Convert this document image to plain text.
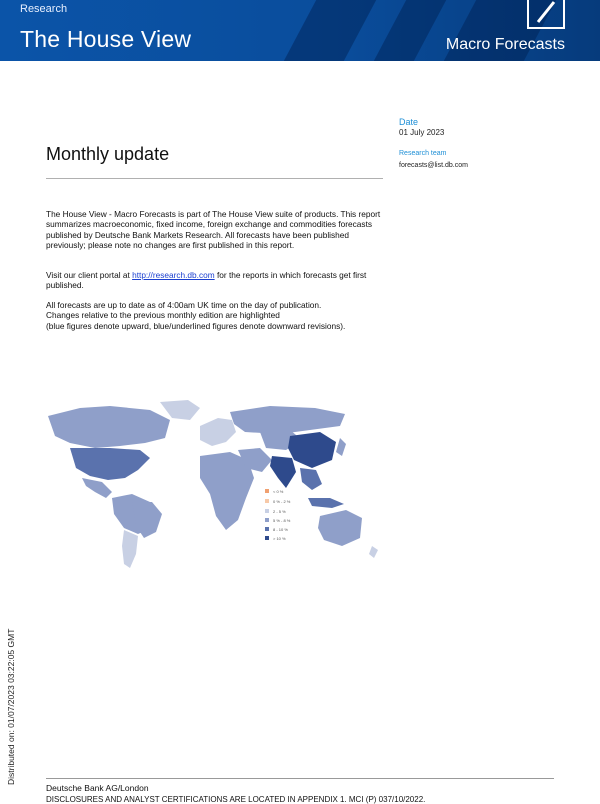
Research
The House View	Macro Forecasts
Date
01 July 2023
Research team
forecasts@list.db.com
Monthly update

The House View - Macro Forecasts is part of The House View suite of products. This report summarizes macroeconomic, fixed income, foreign exchange and commodities forecasts published by Deutsche Bank Markets Research. All forecasts have been published previously; please note no changes are first published in this report.

Visit our client portal at http://research.db.com for the reports in which forecasts get first published.

All forecasts are up to date as of 4:00am UK time on the day of publication.

Changes relative to the previous monthly edition are highlighted

(blue figures denote upward, blue/underlined figures denote downward revisions).

< 0 %
0 % - 2 %
2 - 5 %
5 % - 8 %
8 - 10 %
> 10 %
Deutsche Bank AG/London
DISCLOSURES AND ANALYST CERTIFICATIONS ARE LOCATED IN APPENDIX 1. MCI (P) 037/10/2022.
Distributed on: 01/07/2023 03:22:05 GMT
